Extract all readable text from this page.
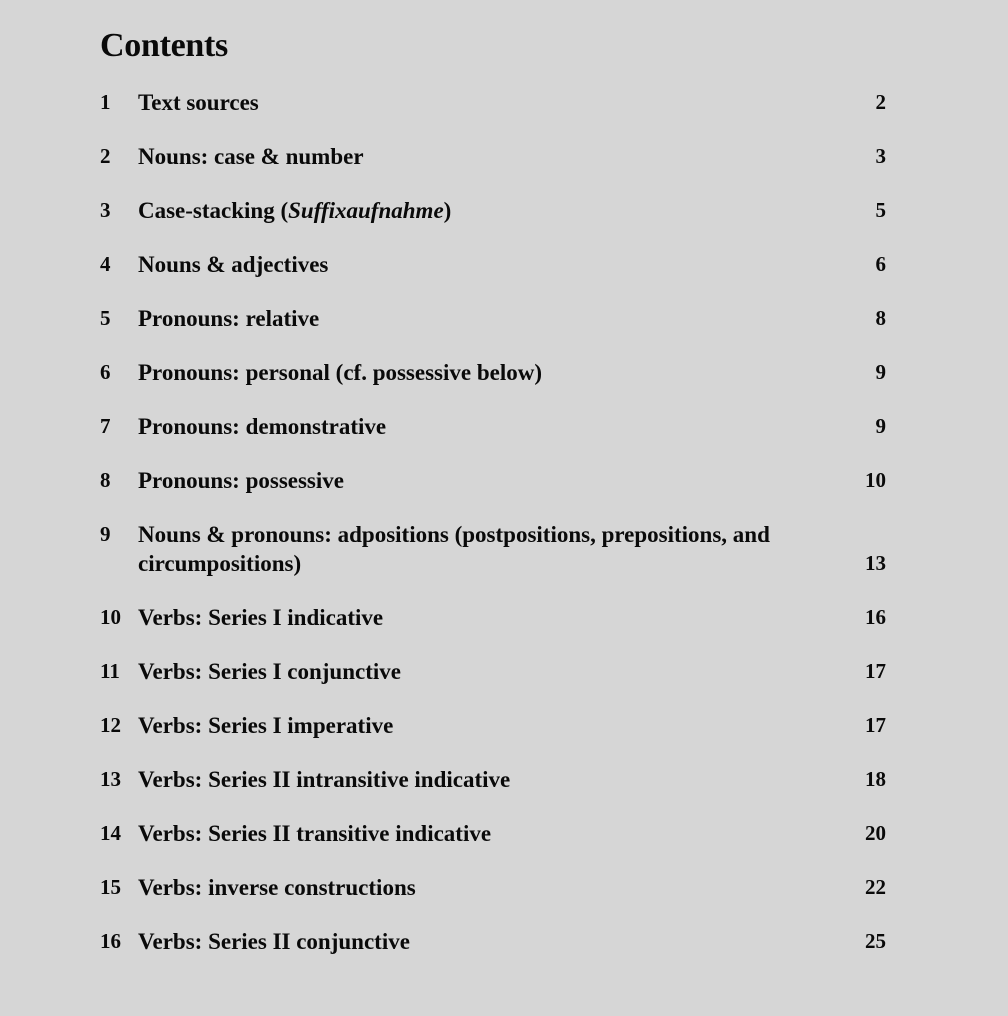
Contents
1	Text sources	2
2	Nouns: case & number	3
3	Case-stacking (Suffixaufnahme)	5
4	Nouns & adjectives	6
5	Pronouns: relative	8
6	Pronouns: personal (cf. possessive below)	9
7	Pronouns: demonstrative	9
8	Pronouns: possessive	10
9	Nouns & pronouns: adpositions (postpositions, prepositions, and circumpositions)	13
10 Verbs: Series I indicative	16
11 Verbs: Series I conjunctive	17
12 Verbs: Series I imperative	17
13 Verbs: Series II intransitive indicative	18
14 Verbs: Series II transitive indicative	20
15 Verbs: inverse constructions	22
16 Verbs: Series II conjunctive	25
